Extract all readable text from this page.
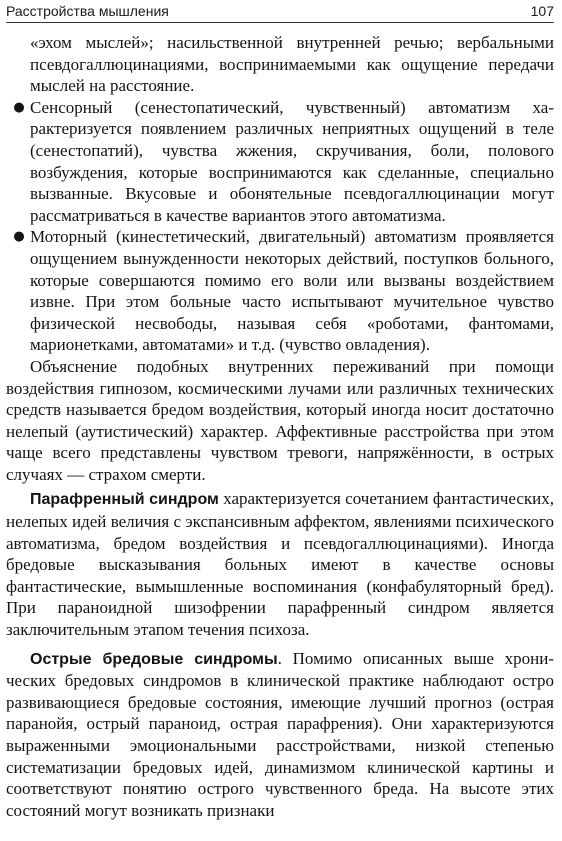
Расстройства мышления	107
«эхом мыслей»; насильственной внутренней речью; вербальными псевдогаллюцинациями, воспринимаемыми как ощущение передачи мыслей на расстояние.
● Сенсорный (сенестопатический, чувственный) автоматизм характеризуется появлением различных неприятных ощущений в теле (сенестопатий), чувства жжения, скручивания, боли, полового возбуждения, которые воспринимаются как сделанные, специально вызванные. Вкусовые и обонятельные псевдогаллюцинации могут рассматриваться в качестве вариантов этого автоматизма.
● Моторный (кинестетический, двигательный) автоматизм проявляется ощущением вынужденности некоторых действий, поступков больного, которые совершаются помимо его воли или вызваны воздействием извне. При этом больные часто испытывают мучительное чувство физической несвободы, называя себя «роботами, фантомами, марионетками, автоматами» и т.д. (чувство овладения).

Объяснение подобных внутренних переживаний при помощи воздействия гипнозом, космическими лучами или различных технических средств называется бредом воздействия, который иногда носит достаточно нелепый (аутистический) характер. Аффективные расстройства при этом чаще всего представлены чувством тревоги, напряжённости, в острых случаях — страхом смерти.

Парафренный синдром характеризуется сочетанием фантастических, нелепых идей величия с экспансивным аффектом, явлениями психического автоматизма, бредом воздействия и псевдогаллюцинациями). Иногда бредовые высказывания больных имеют в качестве основы фантастические, вымышленные воспоминания (конфабуляторный бред). При параноидной шизофрении парафренный синдром является заключительным этапом течения психоза.

Острые бредовые синдромы. Помимо описанных выше хронических бредовых синдромов в клинической практике наблюдают остро развивающиеся бредовые состояния, имеющие лучший прогноз (острая паранойя, острый параноид, острая парафрения). Они характеризуются выраженными эмоциональными расстройствами, низкой степенью систематизации бредовых идей, динамизмом клинической картины и соответствуют понятию острого чувственного бреда. На высоте этих состояний могут возникать признаки
